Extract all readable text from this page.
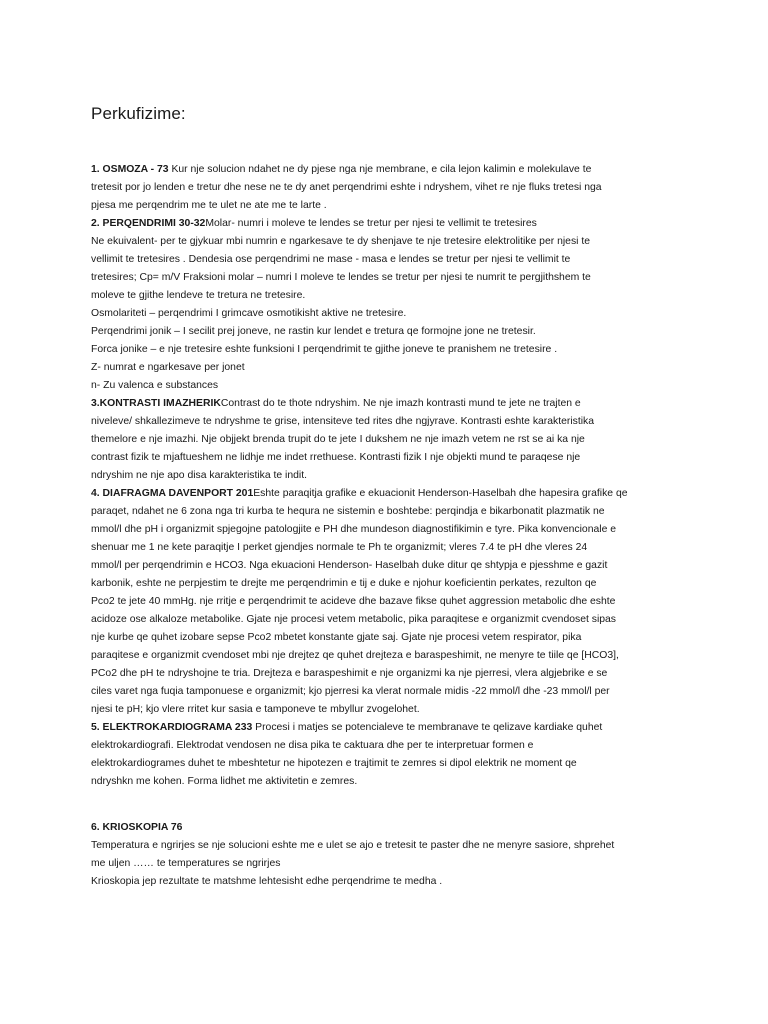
Perkufizime:
1. OSMOZA - 73 Kur nje solucion ndahet ne dy pjese nga nje membrane, e cila lejon kalimin e molekulave te
tretesit por jo lenden e tretur dhe nese ne te dy anet perqendrimi eshte i ndryshem, vihet re nje fluks tretesi nga
pjesa me perqendrim me te ulet ne ate me te larte .
2. PERQENDRIMI 30-32Molar- numri i moleve te lendes se tretur per njesi te vellimit te tretesires
Ne ekuivalent- per te gjykuar mbi numrin e ngarkesave te dy shenjave te nje tretesire elektrolitike per njesi te
vellimit te tretesires . Dendesia ose perqendrimi ne mase - masa e lendes se tretur per njesi te vellimit te
tretesires; Cp= m/V Fraksioni molar – numri I moleve te lendes se tretur per njesi te numrit te pergjithshem te
moleve te gjithe lendeve te tretura ne tretesire.
Osmolariteti – perqendrimi I grimcave osmotikisht aktive ne tretesire.
Perqendrimi jonik – I secilit prej joneve, ne rastin kur lendet e tretura qe formojne jone ne tretesir.
Forca jonike – e nje tretesire eshte funksioni I perqendrimit te gjithe joneve te pranishem ne tretesire .
Z- numrat e ngarkesave per jonet
n- Zu valenca e substances
3.KONTRASTI IMAZHERIKContrast do te thote ndryshim. Ne nje imazh kontrasti mund te jete ne trajten e
niveleve/ shkallezimeve te ndryshme te grise, intensiteve ted rites dhe ngjyrave. Kontrasti eshte karakteristika
themelore e nje imazhi. Nje objjekt brenda trupit do te jete I dukshem ne nje imazh vetem ne rst se ai ka nje
contrast fizik te mjaftueshem ne lidhje me indet rrethuese. Kontrasti fizik I nje objekti mund te paraqese nje
ndryshim ne nje apo disa karakteristika te indit.
4. DIAFRAGMA DAVENPORT 201Eshte paraqitja grafike e ekuacionit Henderson-Haselbah dhe hapesira grafike qe
paraqet, ndahet ne 6 zona nga tri kurba te hequra ne sistemin e boshtebe: perqindja e bikarbonatit plazmatik ne
mmol/l dhe pH i organizmit spjegojne patologjite e PH dhe mundeson diagnostifikimin e tyre. Pika konvencionale e
shenuar me 1 ne kete paraqitje I perket gjendjes normale te Ph te organizmit; vleres 7.4 te pH dhe vleres 24
mmol/l per perqendrimin e HCO3. Nga ekuacioni Henderson- Haselbah duke ditur qe shtypja e pjesshme e gazit
karbonik, eshte ne perpjestim te drejte me perqendrimin e tij e duke e njohur koeficientin perkates, rezulton qe
Pco2 te jete 40 mmHg. nje rritje e perqendrimit te acideve dhe bazave fikse quhet aggression metabolic dhe eshte
acidoze ose alkaloze metabolike. Gjate nje procesi vetem metabolic, pika paraqitese e organizmit cvendoset sipas
nje kurbe qe quhet izobare sepse Pco2 mbetet konstante gjate saj. Gjate nje procesi vetem respirator, pika
paraqitese e organizmit cvendoset mbi nje drejtez qe quhet drejteza e baraspeshimit, ne menyre te tiile qe [HCO3],
PCo2 dhe pH te ndryshojne te tria. Drejteza e baraspeshimit e nje organizmi ka nje pjerresi, vlera algjebrike e se
ciles varet nga fuqia tamponuese e organizmit; kjo pjerresi ka vlerat normale midis -22 mmol/l dhe -23 mmol/l per
njesi te pH; kjo vlere rritet kur sasia e tamponeve te mbyllur zvogelohet.
5. ELEKTROKARDIOGRAMA 233 Procesi i matjes se potencialeve te membranave te qelizave kardiake quhet
elektrokardiografi. Elektrodat vendosen ne disa pika te caktuara dhe per te interpretuar formen e
elektrokardiogrames duhet te mbeshtetur ne hipotezen e trajtimit te zemres si dipol elektrik ne moment qe
ndryshkn me kohen. Forma lidhet me aktivitetin e zemres.
6. KRIOSKOPIA 76
Temperatura e ngrirjes se nje solucioni eshte me e ulet se ajo e tretesit te paster dhe ne menyre sasiore, shprehet
me uljen …… te temperatures se ngrirjes
Krioskopia jep rezultate te matshme lehtesisht edhe perqendrime te medha .
